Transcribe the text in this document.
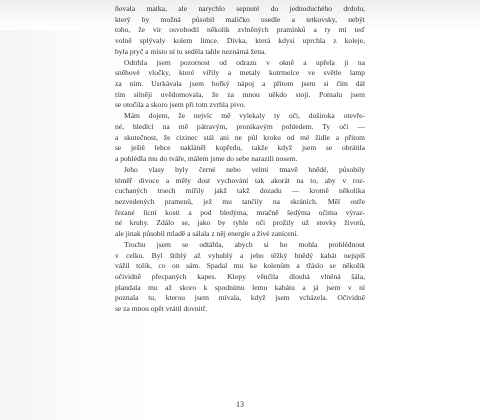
ňovala matka, ale narychlo sepnuté do jednoduchého drdolu,
který by možná působil maličko usedle a tetkovsky, nebýt
toho, že vír osvobodil několik zvlněných pramínků a ty mi teď
volně splývaly kolem límce. Dívka, která kdysi uprchla z koleje,
byla pryč a místo ní tu seděla tahle neznámá žena.

Odtrhla jsem pozornost od odrazu v okně a upřela ji na
sněhové vločky, které vířily a metaly kotrmelce ve světle lamp
za ním. Usrkávala jsem hořký nápoj a přitom jsem si čím dál
tím silněji uvědomovala, že za mnou někdo stojí. Pomalu jsem
se otočila a skoro jsem při tom zvrhla pivo.

Mám dojem, že nejvíc mě vylekaly ty oči, doširoka otevře-
né, hledící na mě pátravým, pronikavým pohledem. Ty oči —
a skutečnost, že cizinec stál ani ne půl kroku od mé židle a přitom
se ještě lehce nakláněl kupředu, takže když jsem se obrátila
a pohlédla mu do tváře, málem jsme do sebe narazili nosem.

Jeho vlasy byly černé nebo velmi tmavě hnědé, působily
téměř divoce a měly dost vychování tak akorát na to, aby v roz-
cuchaných trsech mířily jakž takž dozadu — kromě několika
nezvedených pramenů, jež mu tančily na skráních. Měl ostře
řezané lícní kosti a pod bledýma, mračně šedýma očima výraz-
né kruhy. Zdálo se, jako by tyhle oči prožily už stovky životů,
ale jinak působil mladě a sálala z něj energie a živé zanícení.

Trochu jsem se odtáhla, abych si ho mohla prohlédnout
v celku. Byl štíhlý až vyhublý a jeho těžký hnědý kabát nejspíš
vážil tolik, co on sám. Spadal mu ke kolenům a třáslo se několik
očividně přecpaných kapes. Klopy věnčila dlouhá vlněná šála,
plandala mu až skoro k spodnímu lemu kabátu a já jsem v ní
poznala tu, kterou jsem mívala, když jsem vcházela. Očividně
se za mnou opět vrátil dovnitř.

13
